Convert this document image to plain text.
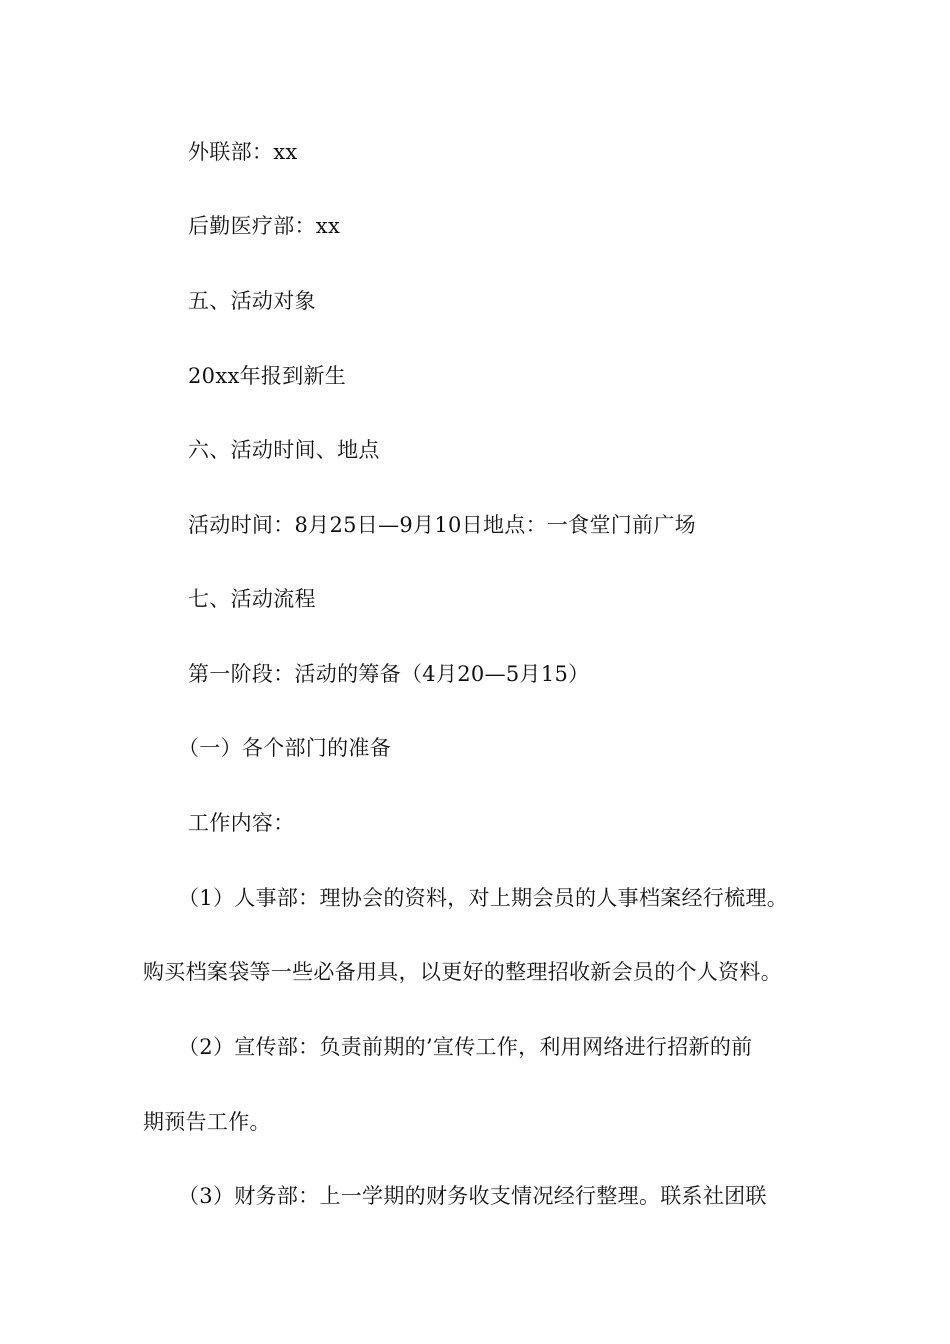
外联部：xx
后勤医疗部：xx
五、活动对象
20xx年报到新生
六、活动时间、地点
活动时间：8月25日—9月10日地点：一食堂门前广场
七、活动流程
第一阶段：活动的筹备（4月20—5月15）
（一）各个部门的准备
工作内容：
（1）人事部：理协会的资料，对上期会员的人事档案经行梳理。
购买档案袋等一些必备用具，以更好的整理招收新会员的个人资料。
（2）宣传部：负责前期的’宣传工作，利用网络进行招新的前
期预告工作。
（3）财务部：上一学期的财务收支情况经行整理。联系社团联
